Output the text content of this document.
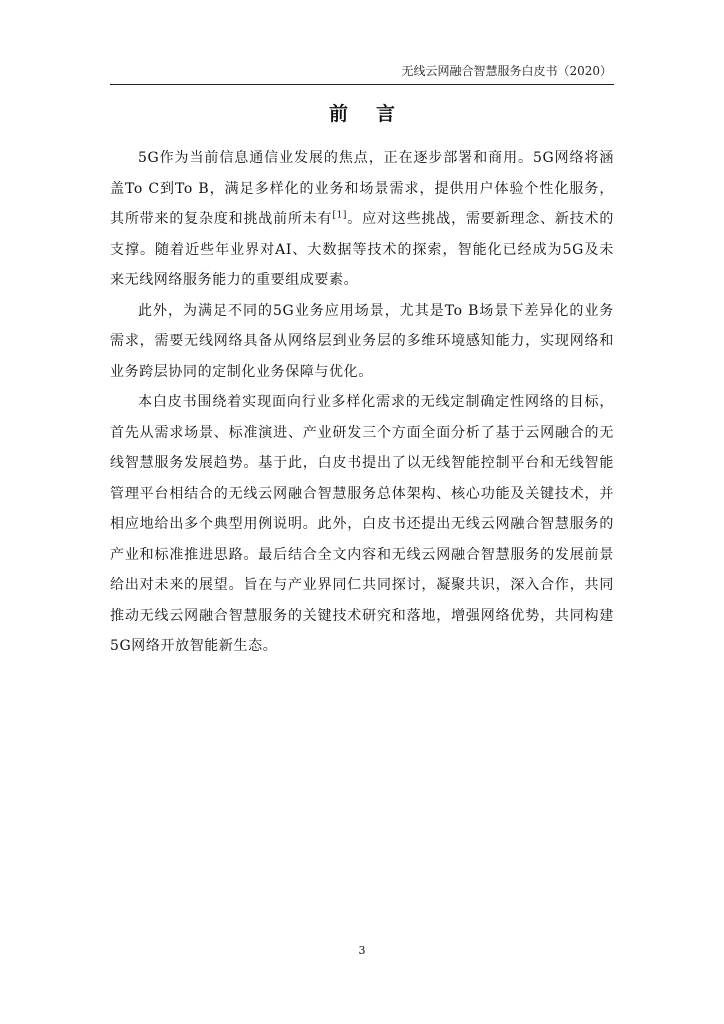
无线云网融合智慧服务白皮书（2020）
前言

5G作为当前信息通信业发展的焦点，正在逐步部署和商用。5G网络将涵盖To C到To B，满足多样化的业务和场景需求，提供用户体验个性化服务，其所带来的复杂度和挑战前所未有[1]。应对这些挑战，需要新理念、新技术的支撑。随着近些年业界对AI、大数据等技术的探索，智能化已经成为5G及未来无线网络服务能力的重要组成要素。

此外，为满足不同的5G业务应用场景，尤其是To B场景下差异化的业务需求，需要无线网络具备从网络层到业务层的多维环境感知能力，实现网络和业务跨层协同的定制化业务保障与优化。

本白皮书围绕着实现面向行业多样化需求的无线定制确定性网络的目标，首先从需求场景、标准演进、产业研发三个方面全面分析了基于云网融合的无线智慧服务发展趋势。基于此，白皮书提出了以无线智能控制平台和无线智能管理平台相结合的无线云网融合智慧服务总体架构、核心功能及关键技术，并相应地给出多个典型用例说明。此外，白皮书还提出无线云网融合智慧服务的产业和标准推进思路。最后结合全文内容和无线云网融合智慧服务的发展前景给出对未来的展望。旨在与产业界同仁共同探讨，凝聚共识，深入合作，共同推动无线云网融合智慧服务的关键技术研究和落地，增强网络优势，共同构建5G网络开放智能新生态。

3
